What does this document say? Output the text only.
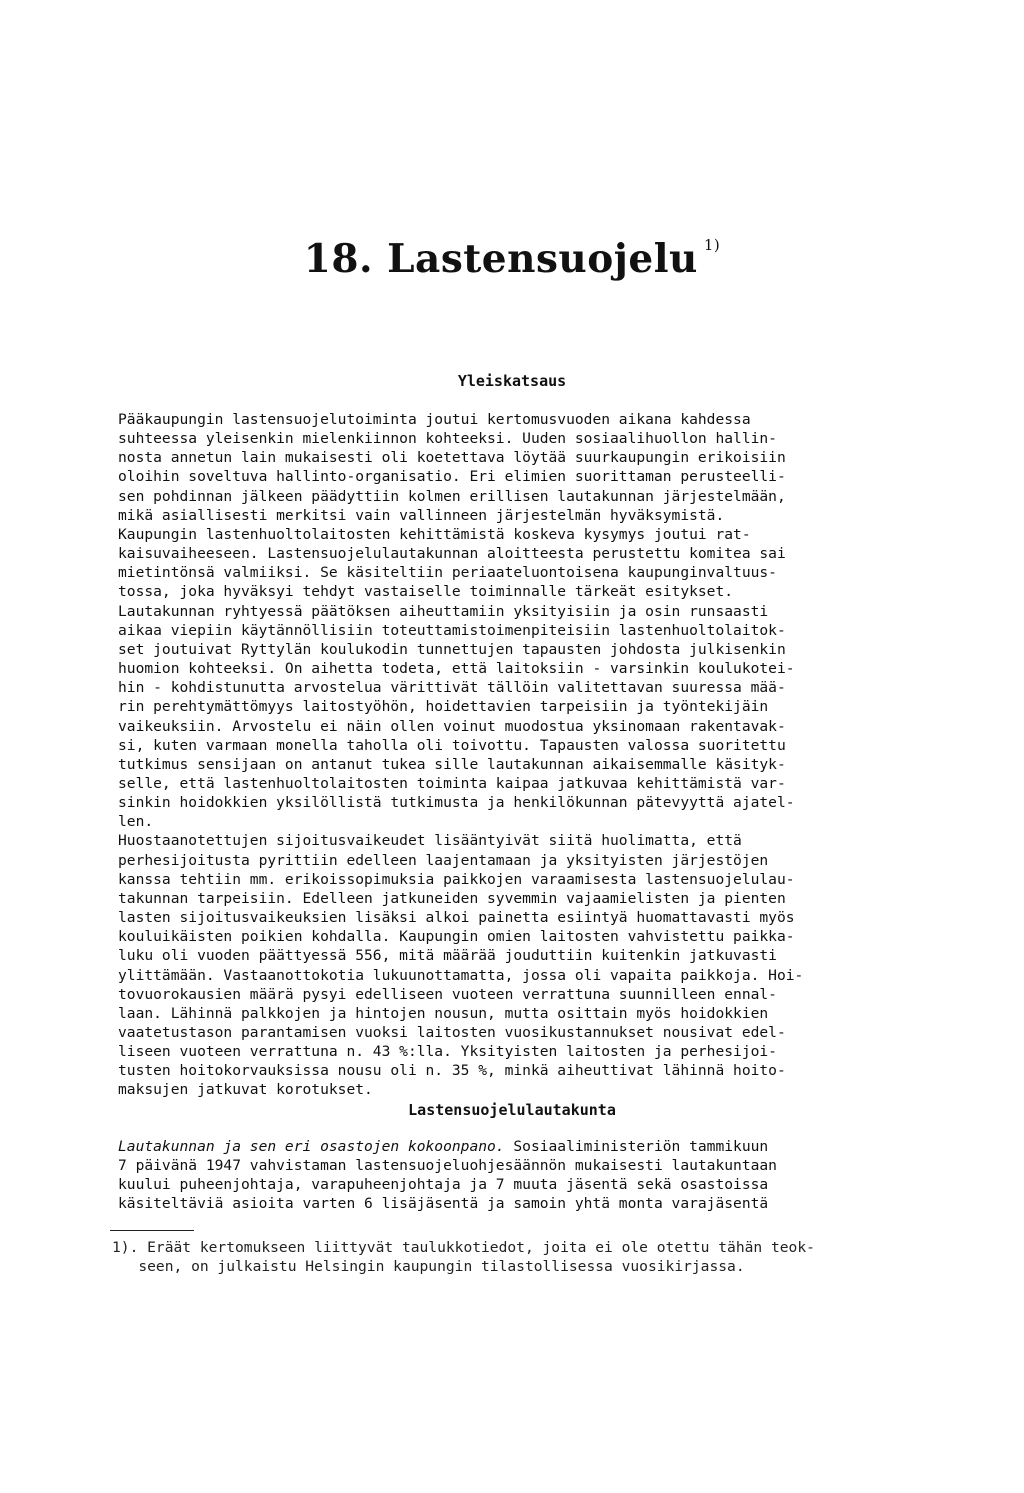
18. Lastensuojelu $^{1)}$
Yleiskatsaus
Pääkaupungin lastensuojelutoiminta joutui kertomusvuoden aikana kahdessa
suhteessa yleisenkin mielenkiinnon kohteeksi. Uuden sosiaalihuollon hallin-
nosta annetun lain mukaisesti oli koetettava löytää suurkaupungin erikoisiin
oloihin soveltuva hallinto-organisatio. Eri elimien suorittaman perusteelli-
sen pohdinnan jälkeen päädyttiin kolmen erillisen lautakunnan järjestelmään,
mikä asiallisesti merkitsi vain vallinneen järjestelmän hyväksymistä.
Kaupungin lastenhuoltolaitosten kehittämistä koskeva kysymys joutui rat-
kaisuvaiheeseen. Lastensuojelulautakunnan aloitteesta perustettu komitea sai
mietintönsä valmiiksi. Se käsiteltiin periaateluontoisena kaupunginvaltuus-
tossa, joka hyväksyi tehdyt vastaiselle toiminnalle tärkeät esitykset.
Lautakunnan ryhtyessä päätöksen aiheuttamiin yksityisiin ja osin runsaasti
aikaa viepiin käytännöllisiin toteuttamistoimenpiteisiin lastenhuoltolaitok-
set joutuivat Ryttylän koulukodin tunnettujen tapausten johdosta julkisenkin
huomion kohteeksi. On aihetta todeta, että laitoksiin - varsinkin koulukotei-
hin - kohdistunutta arvostelua värittivät tällöin valitettavan suuressa mää-
rin perehtymättömyys laitostyöhön, hoidettavien tarpeisiin ja työntekijäin
vaikeuksiin. Arvostelu ei näin ollen voinut muodostua yksinomaan rakentavak-
si, kuten varmaan monella taholla oli toivottu. Tapausten valossa suoritettu
tutkimus sensijaan on antanut tukea sille lautakunnan aikaisemmalle käsityk-
selle, että lastenhuoltolaitosten toiminta kaipaa jatkuvaa kehittämistä var-
sinkin hoidokkien yksilöllistä tutkimusta ja henkilökunnan pätevyyttä ajatel-
len.
Huostaanotettujen sijoitusvaikeudet lisääntyivät siitä huolimatta, että
perhesijoitusta pyrittiin edelleen laajentamaan ja yksityisten järjestöjen
kanssa tehtiin mm. erikoissopimuksia paikkojen varaamisesta lastensuojelulau-
takunnan tarpeisiin. Edelleen jatkuneiden syvemmin vajaamielisten ja pienten
lasten sijoitusvaikeuksien lisäksi alkoi painetta esiintyä huomattavasti myös
kouluikäisten poikien kohdalla. Kaupungin omien laitosten vahvistettu paikka-
luku oli vuoden päättyessä 556, mitä määrää jouduttiin kuitenkin jatkuvasti
ylittämään. Vastaanottokotia lukuunottamatta, jossa oli vapaita paikkoja. Hoi-
tovuorokausien määrä pysyi edelliseen vuoteen verrattuna suunnilleen ennal-
laan. Lähinnä palkkojen ja hintojen nousun, mutta osittain myös hoidokkien
vaatetustason parantamisen vuoksi laitosten vuosikustannukset nousivat edel-
liseen vuoteen verrattuna n. 43 %:lla. Yksityisten laitosten ja perhesijoi-
tusten hoitokorvauksissa nousu oli n. 35 %, minkä aiheuttivat lähinnä hoito-
maksujen jatkuvat korotukset.
Lastensuojelulautakunta
Lautakunnan ja sen eri osastojen kokoonpano. Sosiaaliministeriön tammikuun
7 päivänä 1947 vahvistaman lastensuojeluohjesäännön mukaisesti lautakuntaan
kuului puheenjohtaja, varapuheenjohtaja ja 7 muuta jäsentä sekä osastoissa
käsiteltäviä asioita varten 6 lisäjäsentä ja samoin yhtä monta varajäsentä
1). Eräät kertomukseen liittyvät taulukkotiedot, joita ei ole otettu tähän teok-
seen, on julkaistu Helsingin kaupungin tilastollisessa vuosikirjassa.
